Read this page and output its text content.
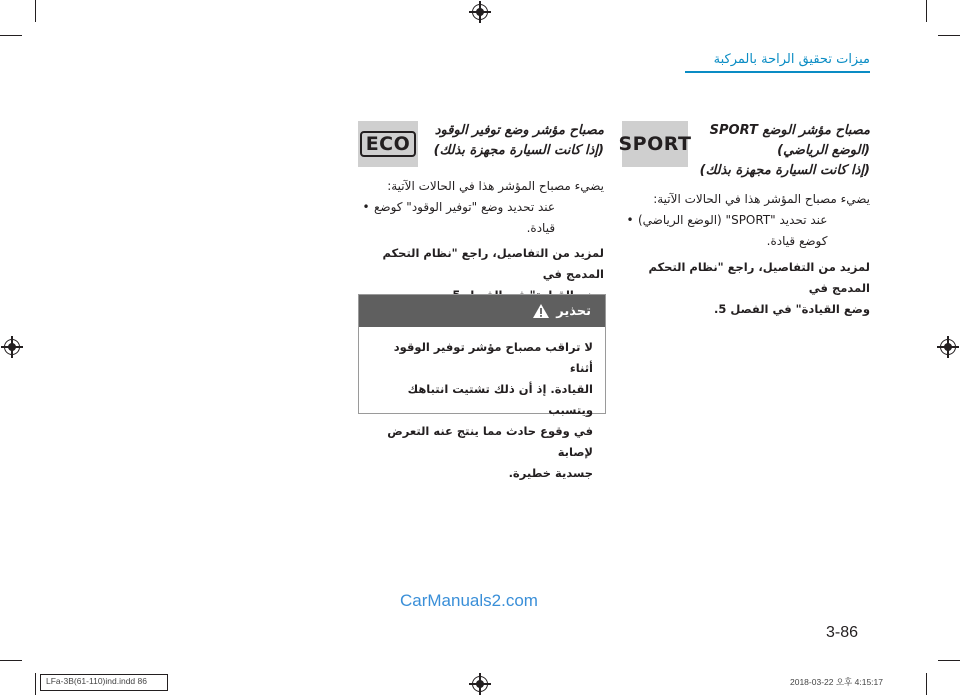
ميزات تحقيق الراحة بالمركبة
ECO
مصباح مؤشر وضع توفير الوقود
(إذا كانت السيارة مجهزة بذلك)
يضيء مصباح المؤشر هذا في الحالات الآتية:
• عند تحديد وضع "توفير الوقود" كوضع
قيادة.
لمزيد من التفاصيل، راجع "نظام التحكم المدمج في
تحذير
لا تراقب مصباح مؤشر توفير الوقود أثناء
القيادة. إذ أن ذلك تشتيت انتباهك ويتسبب
في وقوع حادث مما ينتج عنه التعرض لإصابة
جسدية خطيرة.
SPORT
مصباح مؤشر الوضع SPORT
(الوضع الرياضي)
(إذا كانت السيارة مجهزة بذلك)
يضيء مصباح المؤشر هذا في الحالات الآتية:
• عند تحديد "SPORT" (الوضع الرياضي)
كوضع قيادة.
لمزيد من التفاصيل، راجع "نظام التحكم المدمج في
وضع القيادة" في الفصل 5.
CarManuals2.com
3-86
LFa-3B(61-110)ind.indd 86	2018-03-22 오후 4:15:17
